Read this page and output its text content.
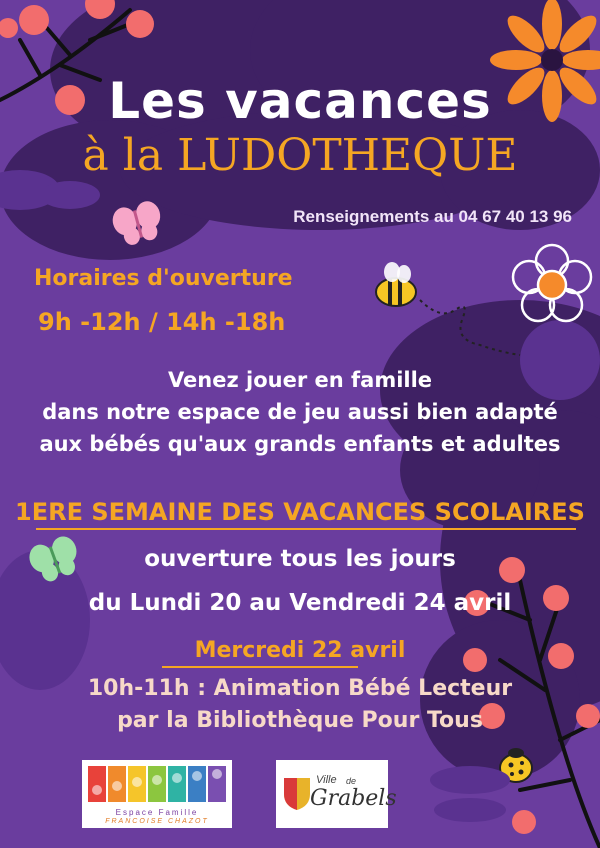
Les vacances
à la LUDOTHEQUE
Renseignements au 04 67 40 13 96
Horaires d'ouverture
9h -12h / 14h -18h
Venez jouer en famille
dans notre espace de jeu aussi bien adapté
aux bébés qu'aux grands enfants et adultes
1ERE SEMAINE DES VACANCES SCOLAIRES
ouverture tous les jours
du Lundi 20 au Vendredi 24 avril
Mercredi 22 avril
10h-11h : Animation Bébé Lecteur
par la Bibliothèque Pour Tous
Espace Famille
FRANCOISE CHAZOT
Ville de
Grabels
